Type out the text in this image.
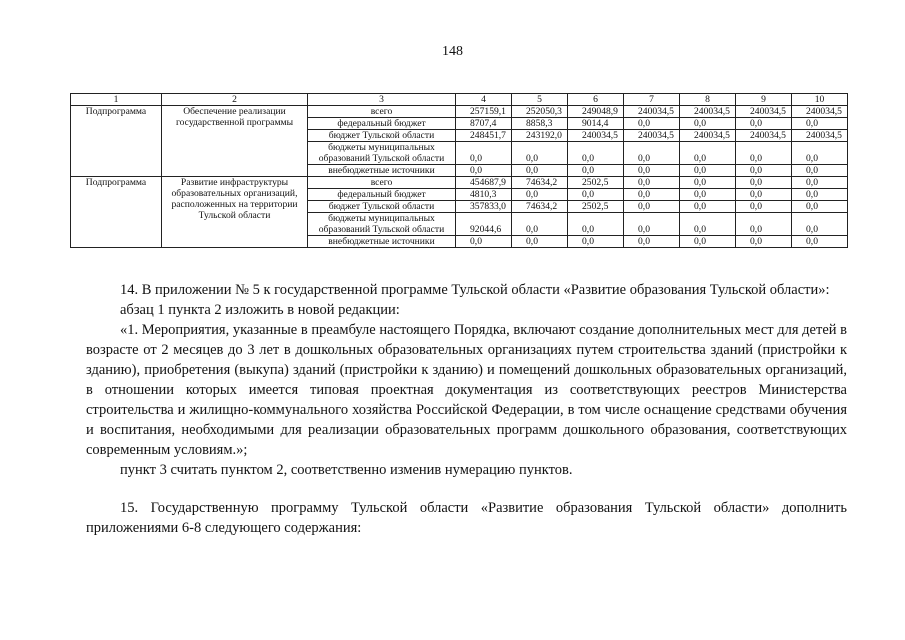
148
1	2	3	4	5	6	7	8	9	10
Подпрограмма	Обеспечение реализации государственной программы	всего	257159,1	252050,3	249048,9	240034,5	240034,5	240034,5	240034,5
		федеральный бюджет	8707,4	8858,3	9014,4	0,0	0,0	0,0	0,0
		бюджет Тульской области	248451,7	243192,0	240034,5	240034,5	240034,5	240034,5	240034,5
		бюджеты муниципальных образований Тульской области	0,0	0,0	0,0	0,0	0,0	0,0	0,0
		внебюджетные источники	0,0	0,0	0,0	0,0	0,0	0,0	0,0
Подпрограмма	Развитие инфраструктуры образовательных организаций, расположенных на территории Тульской области	всего	454687,9	74634,2	2502,5	0,0	0,0	0,0	0,0
		федеральный бюджет	4810,3	0,0	0,0	0,0	0,0	0,0	0,0
		бюджет Тульской области	357833,0	74634,2	2502,5	0,0	0,0	0,0	0,0
		бюджеты муниципальных образований Тульской области	92044,6	0,0	0,0	0,0	0,0	0,0	0,0
		внебюджетные источники	0,0	0,0	0,0	0,0	0,0	0,0	0,0

14. В приложении № 5 к государственной программе Тульской области «Развитие образования Тульской области»:

абзац 1 пункта 2 изложить в новой редакции:

«1. Мероприятия, указанные в преамбуле настоящего Порядка, включают создание дополнительных мест для детей в возрасте от 2 месяцев до 3 лет в дошкольных образовательных организациях путем строительства зданий (пристройки к зданию), приобретения (выкупа) зданий (пристройки к зданию) и помещений дошкольных образовательных организаций, в отношении которых имеется типовая проектная документация из соответствующих реестров Министерства строительства и жилищно-коммунального хозяйства Российской Федерации, в том числе оснащение средствами обучения и воспитания, необходимыми для реализации образовательных программ дошкольного образования, соответствующих современным условиям.»;

пункт 3 считать пунктом 2, соответственно изменив нумерацию пунктов.

15. Государственную программу Тульской области «Развитие образования Тульской области» дополнить приложениями 6-8 следующего содержания:
